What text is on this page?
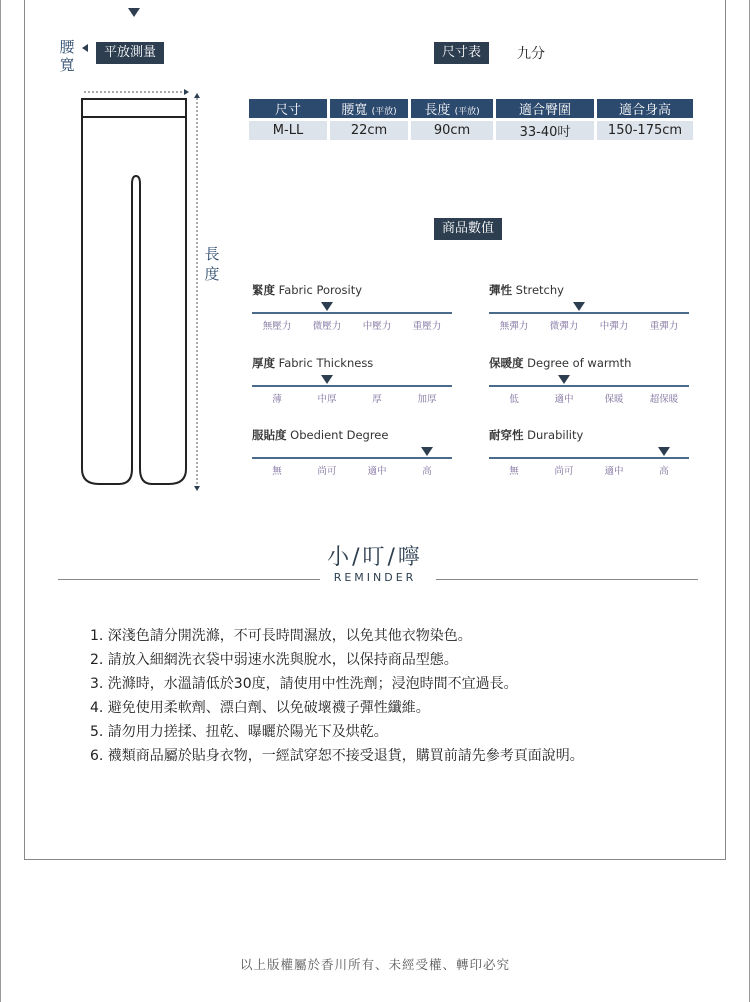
腰寬
平放測量
長度
尺寸表	九分
尺寸	腰寬 (平放)	長度 (平放)	適合臀圍	適合身高
M-LL	22cm	90cm	33-40吋	150-175cm
商品數值
緊度 Fabric Porosity
無壓力	微壓力	中壓力	重壓力
彈性 Stretchy
無彈力	微彈力	中彈力	重彈力
厚度 Fabric Thickness
薄	中厚	厚	加厚
保暖度 Degree of warmth
低	適中	保暖	超保暖
服貼度 Obedient Degree
無	尚可	適中	高
耐穿性 Durability
無	尚可	適中	高
小/叮/嚀
REMINDER
1. 深淺色請分開洗滌，不可長時間濕放，以免其他衣物染色。
2. 請放入細網洗衣袋中弱速水洗與脫水，以保持商品型態。
3. 洗滌時，水溫請低於30度，請使用中性洗劑；浸泡時間不宜過長。
4. 避免使用柔軟劑、漂白劑、以免破壞襪子彈性纖維。
5. 請勿用力搓揉、扭乾、曝曬於陽光下及烘乾。
6. 襪類商品屬於貼身衣物，一經試穿恕不接受退貨，購買前請先參考頁面說明。
以上版權屬於香川所有、未經受權、轉印必究
